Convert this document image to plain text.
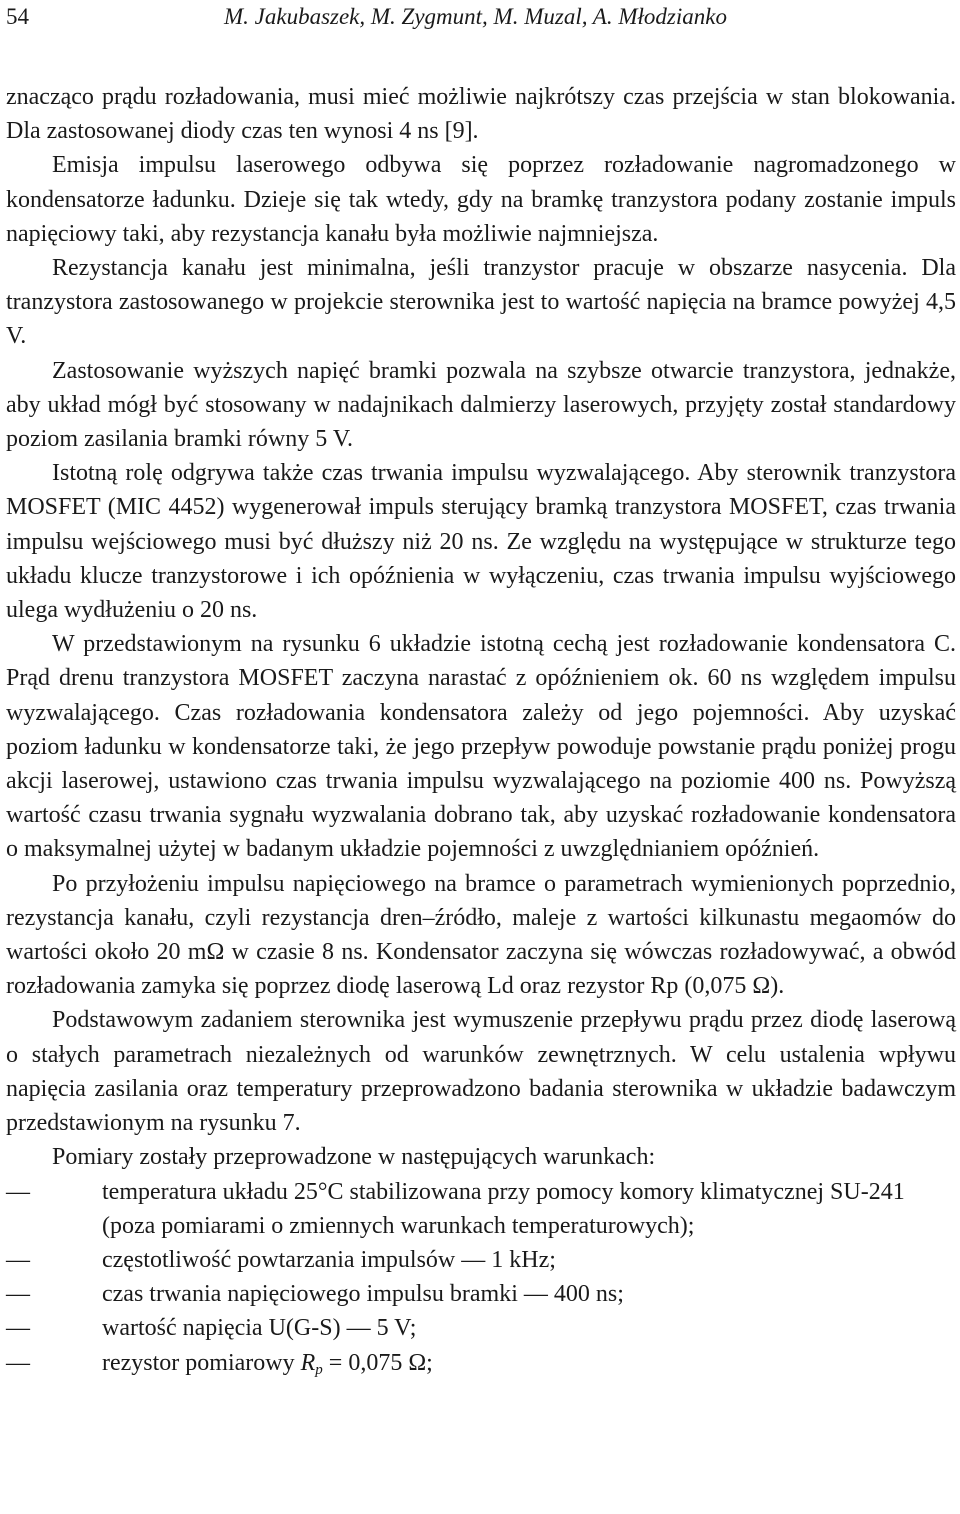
54	M. Jakubaszek, M. Zygmunt, M. Muzal, A. Młodzianko

znacząco prądu rozładowania, musi mieć możliwie najkrótszy czas przejścia w stan blokowania. Dla zastosowanej diody czas ten wynosi 4 ns [9].

Emisja impulsu laserowego odbywa się poprzez rozładowanie nagromadzonego w kondensatorze ładunku. Dzieje się tak wtedy, gdy na bramkę tranzystora podany zostanie impuls napięciowy taki, aby rezystancja kanału była możliwie najmniejsza.

Rezystancja kanału jest minimalna, jeśli tranzystor pracuje w obszarze nasycenia. Dla tranzystora zastosowanego w projekcie sterownika jest to wartość napięcia na bramce powyżej 4,5 V.

Zastosowanie wyższych napięć bramki pozwala na szybsze otwarcie tranzystora, jednakże, aby układ mógł być stosowany w nadajnikach dalmierzy laserowych, przyjęty został standardowy poziom zasilania bramki równy 5 V.

Istotną rolę odgrywa także czas trwania impulsu wyzwalającego. Aby sterownik tranzystora MOSFET (MIC 4452) wygenerował impuls sterujący bramką tranzystora MOSFET, czas trwania impulsu wejściowego musi być dłuższy niż 20 ns. Ze względu na występujące w strukturze tego układu klucze tranzystorowe i ich opóźnienia w wyłączeniu, czas trwania impulsu wyjściowego ulega wydłużeniu o 20 ns.

W przedstawionym na rysunku 6 układzie istotną cechą jest rozładowanie kondensatora C. Prąd drenu tranzystora MOSFET zaczyna narastać z opóźnieniem ok. 60 ns względem impulsu wyzwalającego. Czas rozładowania kondensatora zależy od jego pojemności. Aby uzyskać poziom ładunku w kondensatorze taki, że jego przepływ powoduje powstanie prądu poniżej progu akcji laserowej, ustawiono czas trwania impulsu wyzwalającego na poziomie 400 ns. Powyższą wartość czasu trwania sygnału wyzwalania dobrano tak, aby uzyskać rozładowanie kondensatora o maksymalnej użytej w badanym układzie pojemności z uwzględnianiem opóźnień.

Po przyłożeniu impulsu napięciowego na bramce o parametrach wymienionych poprzednio, rezystancja kanału, czyli rezystancja dren–źródło, maleje z wartości kilkunastu megaomów do wartości około 20 mΩ w czasie 8 ns. Kondensator zaczyna się wówczas rozładowywać, a obwód rozładowania zamyka się poprzez diodę laserową Ld oraz rezystor Rp (0,075 Ω).

Podstawowym zadaniem sterownika jest wymuszenie przepływu prądu przez diodę laserową o stałych parametrach niezależnych od warunków zewnętrznych. W celu ustalenia wpływu napięcia zasilania oraz temperatury przeprowadzono badania sterownika w układzie badawczym przedstawionym na rysunku 7.

Pomiary zostały przeprowadzone w następujących warunkach:

—	temperatura układu 25°C stabilizowana przy pomocy komory klimatycznej SU-241 (poza pomiarami o zmiennych warunkach temperaturowych);
—	częstotliwość powtarzania impulsów — 1 kHz;
—	czas trwania napięciowego impulsu bramki — 400 ns;
—	wartość napięcia U(G-S) — 5 V;
—	rezystor pomiarowy $R_p = 0,075$ Ω;
